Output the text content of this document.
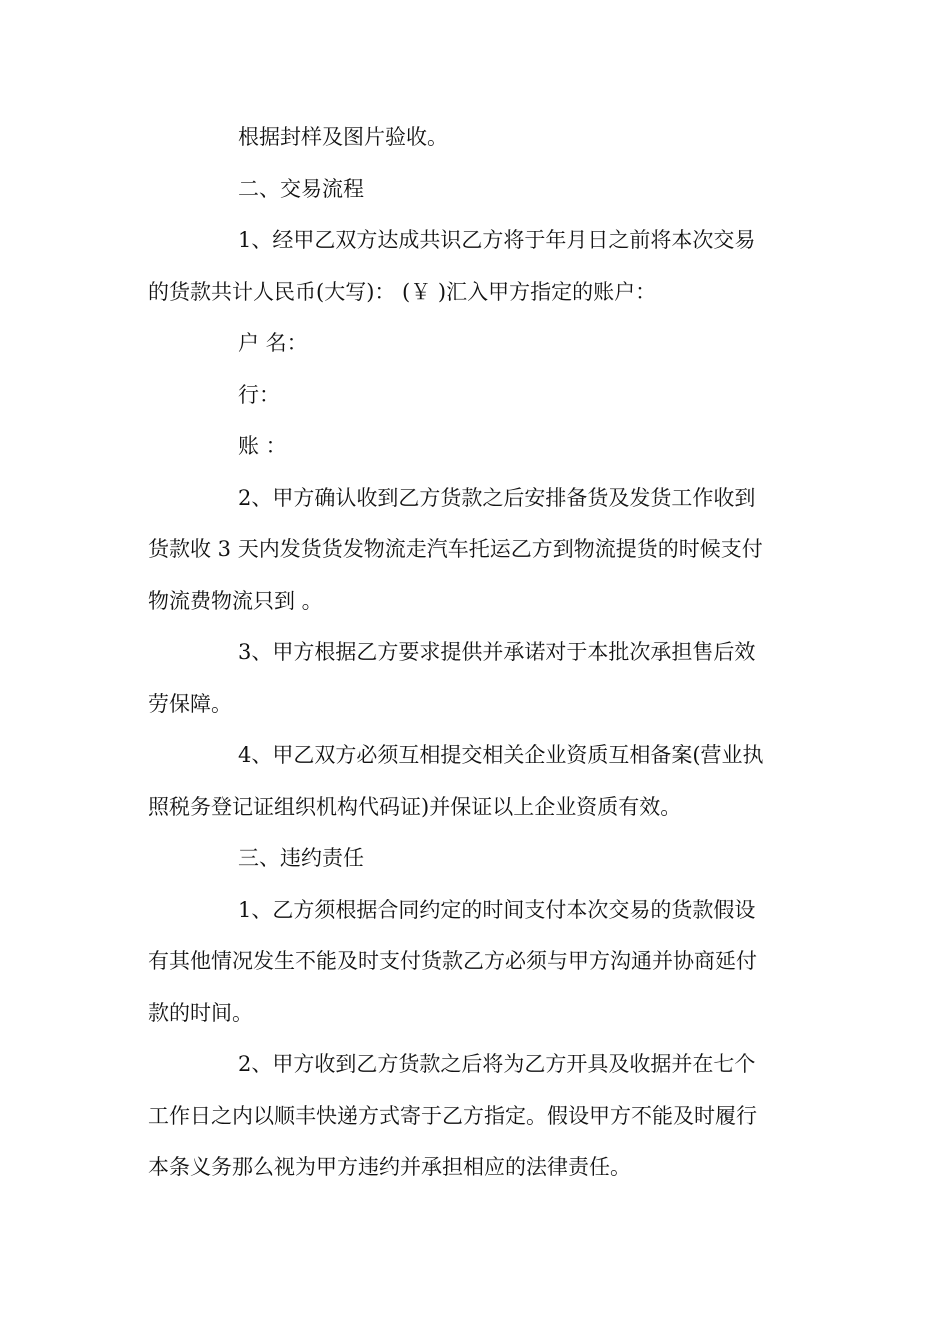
根据封样及图片验收。

二、交易流程

1、经甲乙双方达成共识乙方将于年月日之前将本次交易
的货款共计人民币(大写)： (￥ )汇入甲方指定的账户：

户 名：

行：

账 ：

2、甲方确认收到乙方货款之后安排备货及发货工作收到
货款收 3 天内发货货发物流走汽车托运乙方到物流提货的时候支付
物流费物流只到 。

3、甲方根据乙方要求提供并承诺对于本批次承担售后效
劳保障。

4、甲乙双方必须互相提交相关企业资质互相备案(营业执
照税务登记证组织机构代码证)并保证以上企业资质有效。

三、违约责任

1、乙方须根据合同约定的时间支付本次交易的货款假设
有其他情况发生不能及时支付货款乙方必须与甲方沟通并协商延付
款的时间。

2、甲方收到乙方货款之后将为乙方开具及收据并在七个
工作日之内以顺丰快递方式寄于乙方指定。假设甲方不能及时履行
本条义务那么视为甲方违约并承担相应的法律责任。
